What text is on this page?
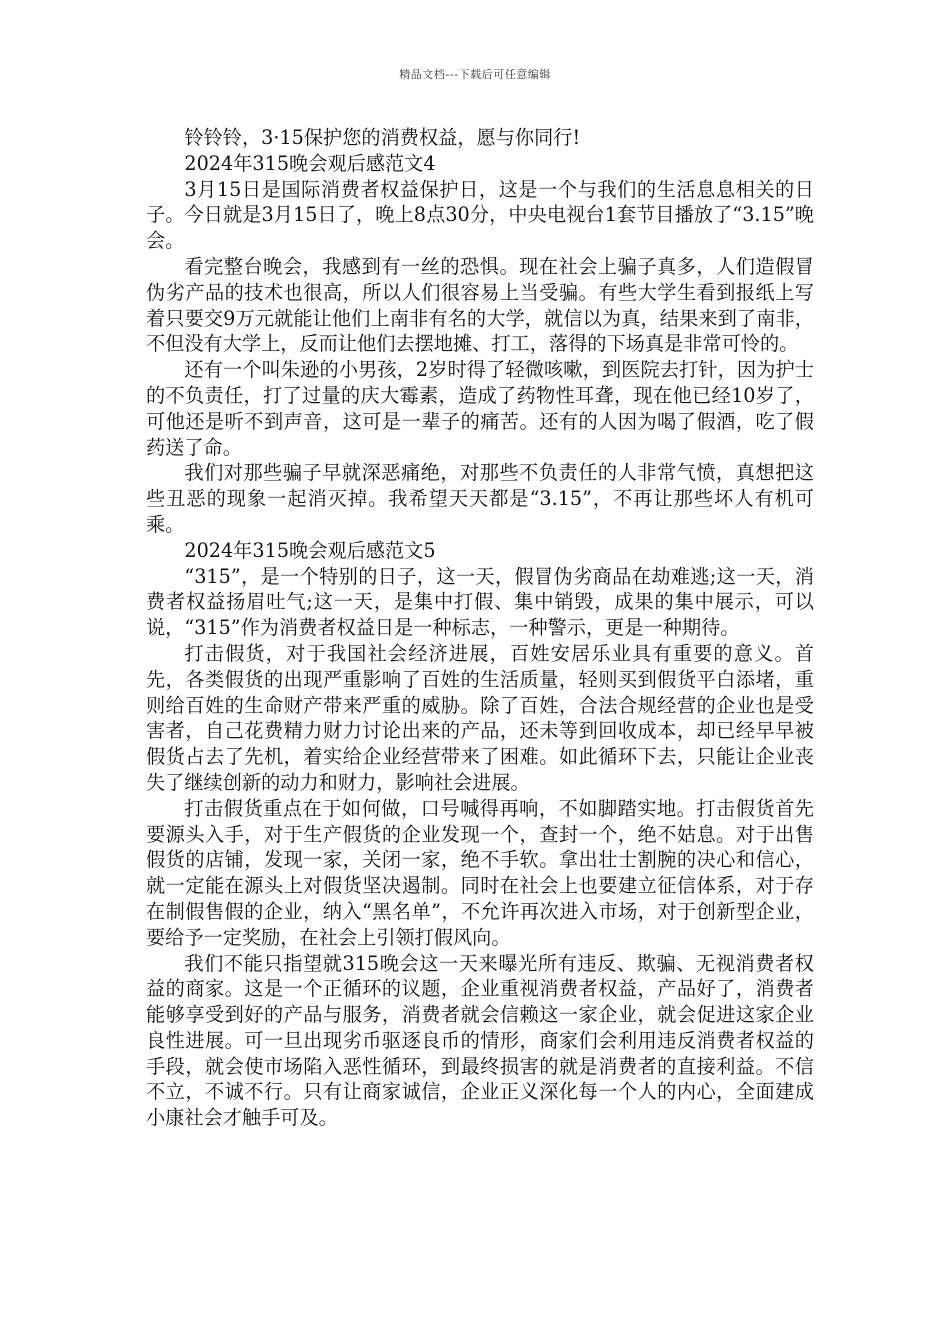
精品文档---下载后可任意编辑

铃铃铃，3·15保护您的消费权益，愿与你同行!

2024年315晚会观后感范文4

3月15日是国际消费者权益保护日，这是一个与我们的生活息息相关的日子。今日就是3月15日了，晚上8点30分，中央电视台1套节目播放了“3.15”晚会。

看完整台晚会，我感到有一丝的恐惧。现在社会上骗子真多，人们造假冒伪劣产品的技术也很高，所以人们很容易上当受骗。有些大学生看到报纸上写着只要交9万元就能让他们上南非有名的大学，就信以为真，结果来到了南非，不但没有大学上，反而让他们去摆地摊、打工，落得的下场真是非常可怜的。

还有一个叫朱逊的小男孩，2岁时得了轻微咳嗽，到医院去打针，因为护士的不负责任，打了过量的庆大霉素，造成了药物性耳聋，现在他已经10岁了，可他还是听不到声音，这可是一辈子的痛苦。还有的人因为喝了假酒，吃了假药送了命。

我们对那些骗子早就深恶痛绝，对那些不负责任的人非常气愤，真想把这些丑恶的现象一起消灭掉。我希望天天都是“3.15”，不再让那些坏人有机可乘。

2024年315晚会观后感范文5

“315”，是一个特别的日子，这一天，假冒伪劣商品在劫难逃;这一天，消费者权益扬眉吐气;这一天，是集中打假、集中销毁，成果的集中展示，可以说，“315”作为消费者权益日是一种标志，一种警示，更是一种期待。

打击假货，对于我国社会经济进展，百姓安居乐业具有重要的意义。首先，各类假货的出现严重影响了百姓的生活质量，轻则买到假货平白添堵，重则给百姓的生命财产带来严重的威胁。除了百姓，合法合规经营的企业也是受害者，自己花费精力财力讨论出来的产品，还未等到回收成本，却已经早早被假货占去了先机，着实给企业经营带来了困难。如此循环下去，只能让企业丧失了继续创新的动力和财力，影响社会进展。

打击假货重点在于如何做，口号喊得再响，不如脚踏实地。打击假货首先要源头入手，对于生产假货的企业发现一个，查封一个，绝不姑息。对于出售假货的店铺，发现一家，关闭一家，绝不手软。拿出壮士割腕的决心和信心，就一定能在源头上对假货坚决遏制。同时在社会上也要建立征信体系，对于存在制假售假的企业，纳入“黑名单”，不允许再次进入市场，对于创新型企业，要给予一定奖励，在社会上引领打假风向。

我们不能只指望就315晚会这一天来曝光所有违反、欺骗、无视消费者权益的商家。这是一个正循环的议题，企业重视消费者权益，产品好了，消费者能够享受到好的产品与服务，消费者就会信赖这一家企业，就会促进这家企业良性进展。可一旦出现劣币驱逐良币的情形，商家们会利用违反消费者权益的手段，就会使市场陷入恶性循环，到最终损害的就是消费者的直接利益。不信不立，不诚不行。只有让商家诚信，企业正义深化每一个人的内心，全面建成小康社会才触手可及。
